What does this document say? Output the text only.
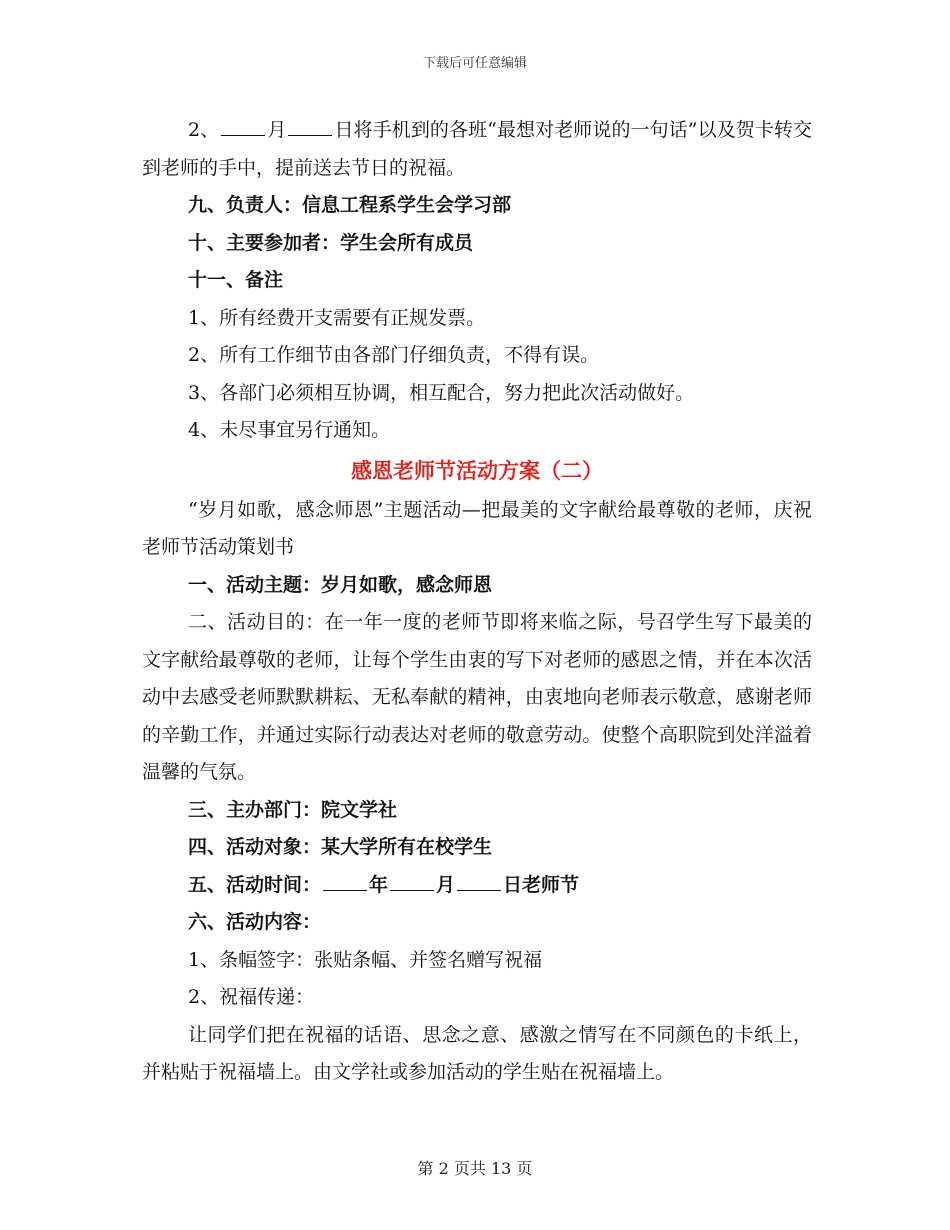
下载后可任意编辑

2、	月	日将手机到的各班“最想对老师说的一句话”以及贺卡转交到老师的手中，提前送去节日的祝福。

九、负责人：信息工程系学生会学习部

十、主要参加者：学生会所有成员

十一、备注

1、所有经费开支需要有正规发票。

2、所有工作细节由各部门仔细负责，不得有误。

3、各部门必须相互协调，相互配合，努力把此次活动做好。

4、未尽事宜另行通知。

感恩老师节活动方案（二）

“岁月如歌，感念师恩”主题活动—把最美的文字献给最尊敬的老师，庆祝老师节活动策划书

一、活动主题：岁月如歌，感念师恩

二、活动目的：在一年一度的老师节即将来临之际，号召学生写下最美的文字献给最尊敬的老师，让每个学生由衷的写下对老师的感恩之情，并在本次活动中去感受老师默默耕耘、无私奉献的精神，由衷地向老师表示敬意，感谢老师的辛勤工作，并通过实际行动表达对老师的敬意劳动。使整个高职院到处洋溢着温馨的气氛。

三、主办部门：院文学社

四、活动对象：某大学所有在校学生

五、活动时间：	年	月	日老师节

六、活动内容：

1、条幅签字：张贴条幅、并签名赠写祝福

2、祝福传递：

让同学们把在祝福的话语、思念之意、感激之情写在不同颜色的卡纸上，并粘贴于祝福墙上。由文学社或参加活动的学生贴在祝福墙上。

第 2 页共 13 页
